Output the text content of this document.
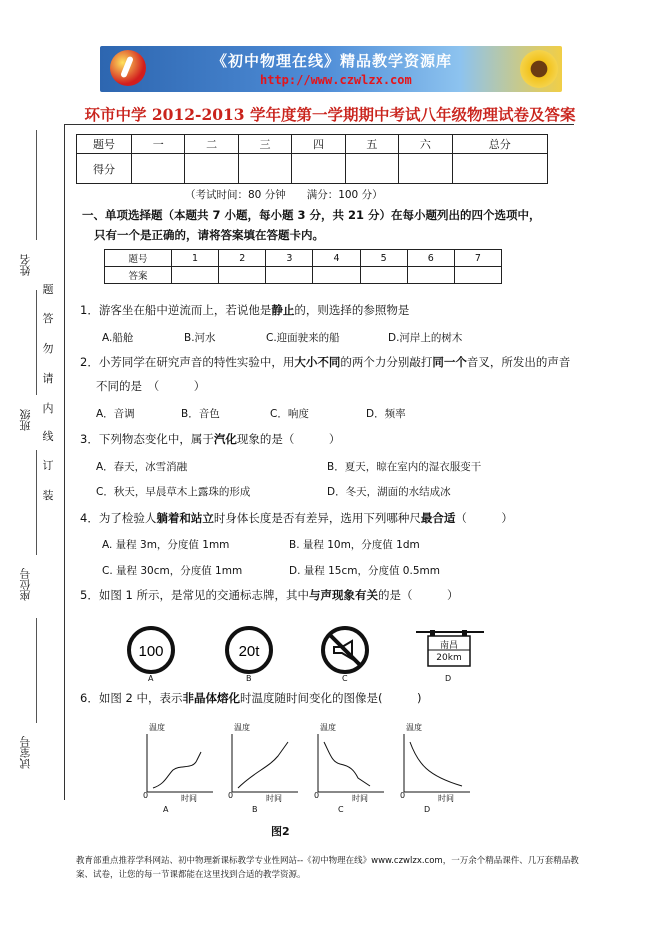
《初中物理在线》精品教学资源库
http://www.czwlzx.com
环市中学 2012-2013 学年度第一学期期中考试八年级物理试卷及答案
姓名
班级
座位号
试室号
题
答
勿
请
内
线
订
装
题号	一	二	三	四	五	六	总分
得分							
（考试时间：80 分钟　　满分：100 分）
一、单项选择题（本题共 7 小题，每小题 3 分，共 21 分）在每小题列出的四个选项中，
只有一个是正确的，请将答案填在答题卡内。
题号	1	2	3	4	5	6	7
答案							
1．游客坐在船中逆流而上，若说他是静止的，则选择的参照物是
A.船舱	B.河水	C.迎面驶来的船	D.河岸上的树木
2．小芳同学在研究声音的特性实验中，用大小不同的两个力分别敲打同一个音叉，所发出的声音
不同的是　（　　　）
A．音调	B．音色	C．响度	D．频率
3．下列物态变化中，属于汽化现象的是（　　　）
A．春天，冰雪消融	B．夏天，晾在室内的湿衣服变干
C．秋天，早晨草木上露珠的形成	D．冬天，湖面的水结成冰
4．为了检验人躺着和站立时身体长度是否有差异，选用下列哪种尺最合适（　　　）
A. 量程 3m，分度值 1mm	B. 量程 10m，分度值 1dm
C. 量程 30cm，分度值 1mm	D. 量程 15cm，分度值 0.5mm
5．如图 1 所示，是常见的交通标志牌，其中与声现象有关的是（　　　）
100
A
20t
B	C
南昌
20km
D
6．如图 2 中，表示非晶体熔化时温度随时间变化的图像是(　　　)
温度
时间
0
A
温度
时间
0
B
温度
时间
0
C
温度
时间
0
D
图2
教育部重点推荐学科网站、初中物理新课标教学专业性网站--《初中物理在线》www.czwlzx.com，一万余个精品课件、几万套精品教案、试卷，让您的每一节课都能在这里找到合适的教学资源。
